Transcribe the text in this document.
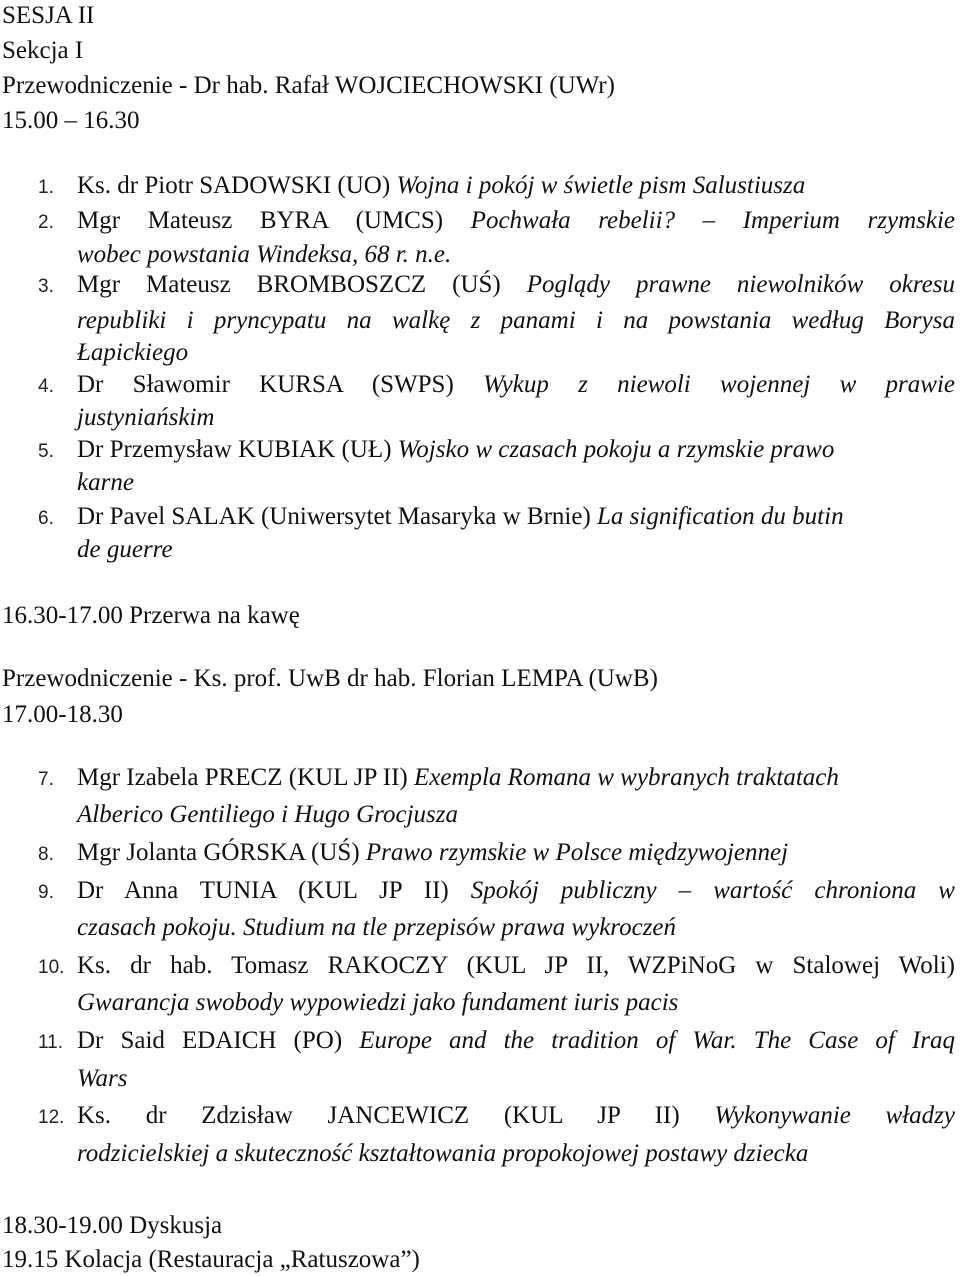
SESJA II
Sekcja I
Przewodniczenie - Dr hab. Rafał WOJCIECHOWSKI (UWr)
15.00 – 16.30
1. Ks. dr Piotr SADOWSKI (UO) Wojna i pokój w świetle pism Salustiusza
2. Mgr Mateusz BYRA (UMCS) Pochwała rebelii? – Imperium rzymskie
wobec powstania Windeksa, 68 r. n.e.
3. Mgr Mateusz BROMBOSZCZ (UŚ) Poglądy prawne niewolników okresu
republiki i pryncypatu na walkę z panami i na powstania według Borysa
Łapickiego
4. Dr Sławomir KURSA (SWPS) Wykup z niewoli wojennej w prawie
justyniańskim
5. Dr Przemysław KUBIAK (UŁ) Wojsko w czasach pokoju a rzymskie prawo
karne
6. Dr Pavel SALAK (Uniwersytet Masaryka w Brnie) La signification du butin
de guerre
7. Mgr Izabela PRECZ (KUL JP II) Exempla Romana w wybranych traktatach
Alberico Gentiliego i Hugo Grocjusza
8. Mgr Jolanta GÓRSKA (UŚ) Prawo rzymskie w Polsce międzywojennej
9. Dr Anna TUNIA (KUL JP II) Spokój publiczny – wartość chroniona w
czasach pokoju. Studium na tle przepisów prawa wykroczeń
10. Ks. dr hab. Tomasz RAKOCZY (KUL JP II, WZPiNoG w Stalowej Woli)
Gwarancja swobody wypowiedzi jako fundament iuris pacis
11. Dr Said EDAICH (PO) Europe and the tradition of War. The Case of Iraq
Wars
12. Ks. dr Zdzisław JANCEWICZ (KUL JP II) Wykonywanie władzy
rodzicielskiej a skuteczność kształtowania propokojowej postawy dziecka
16.30-17.00 Przerwa na kawę
Przewodniczenie - Ks. prof. UwB dr hab. Florian LEMPA (UwB)
17.00-18.30
18.30-19.00 Dyskusja
19.15 Kolacja (Restauracja „Ratuszowa”)
